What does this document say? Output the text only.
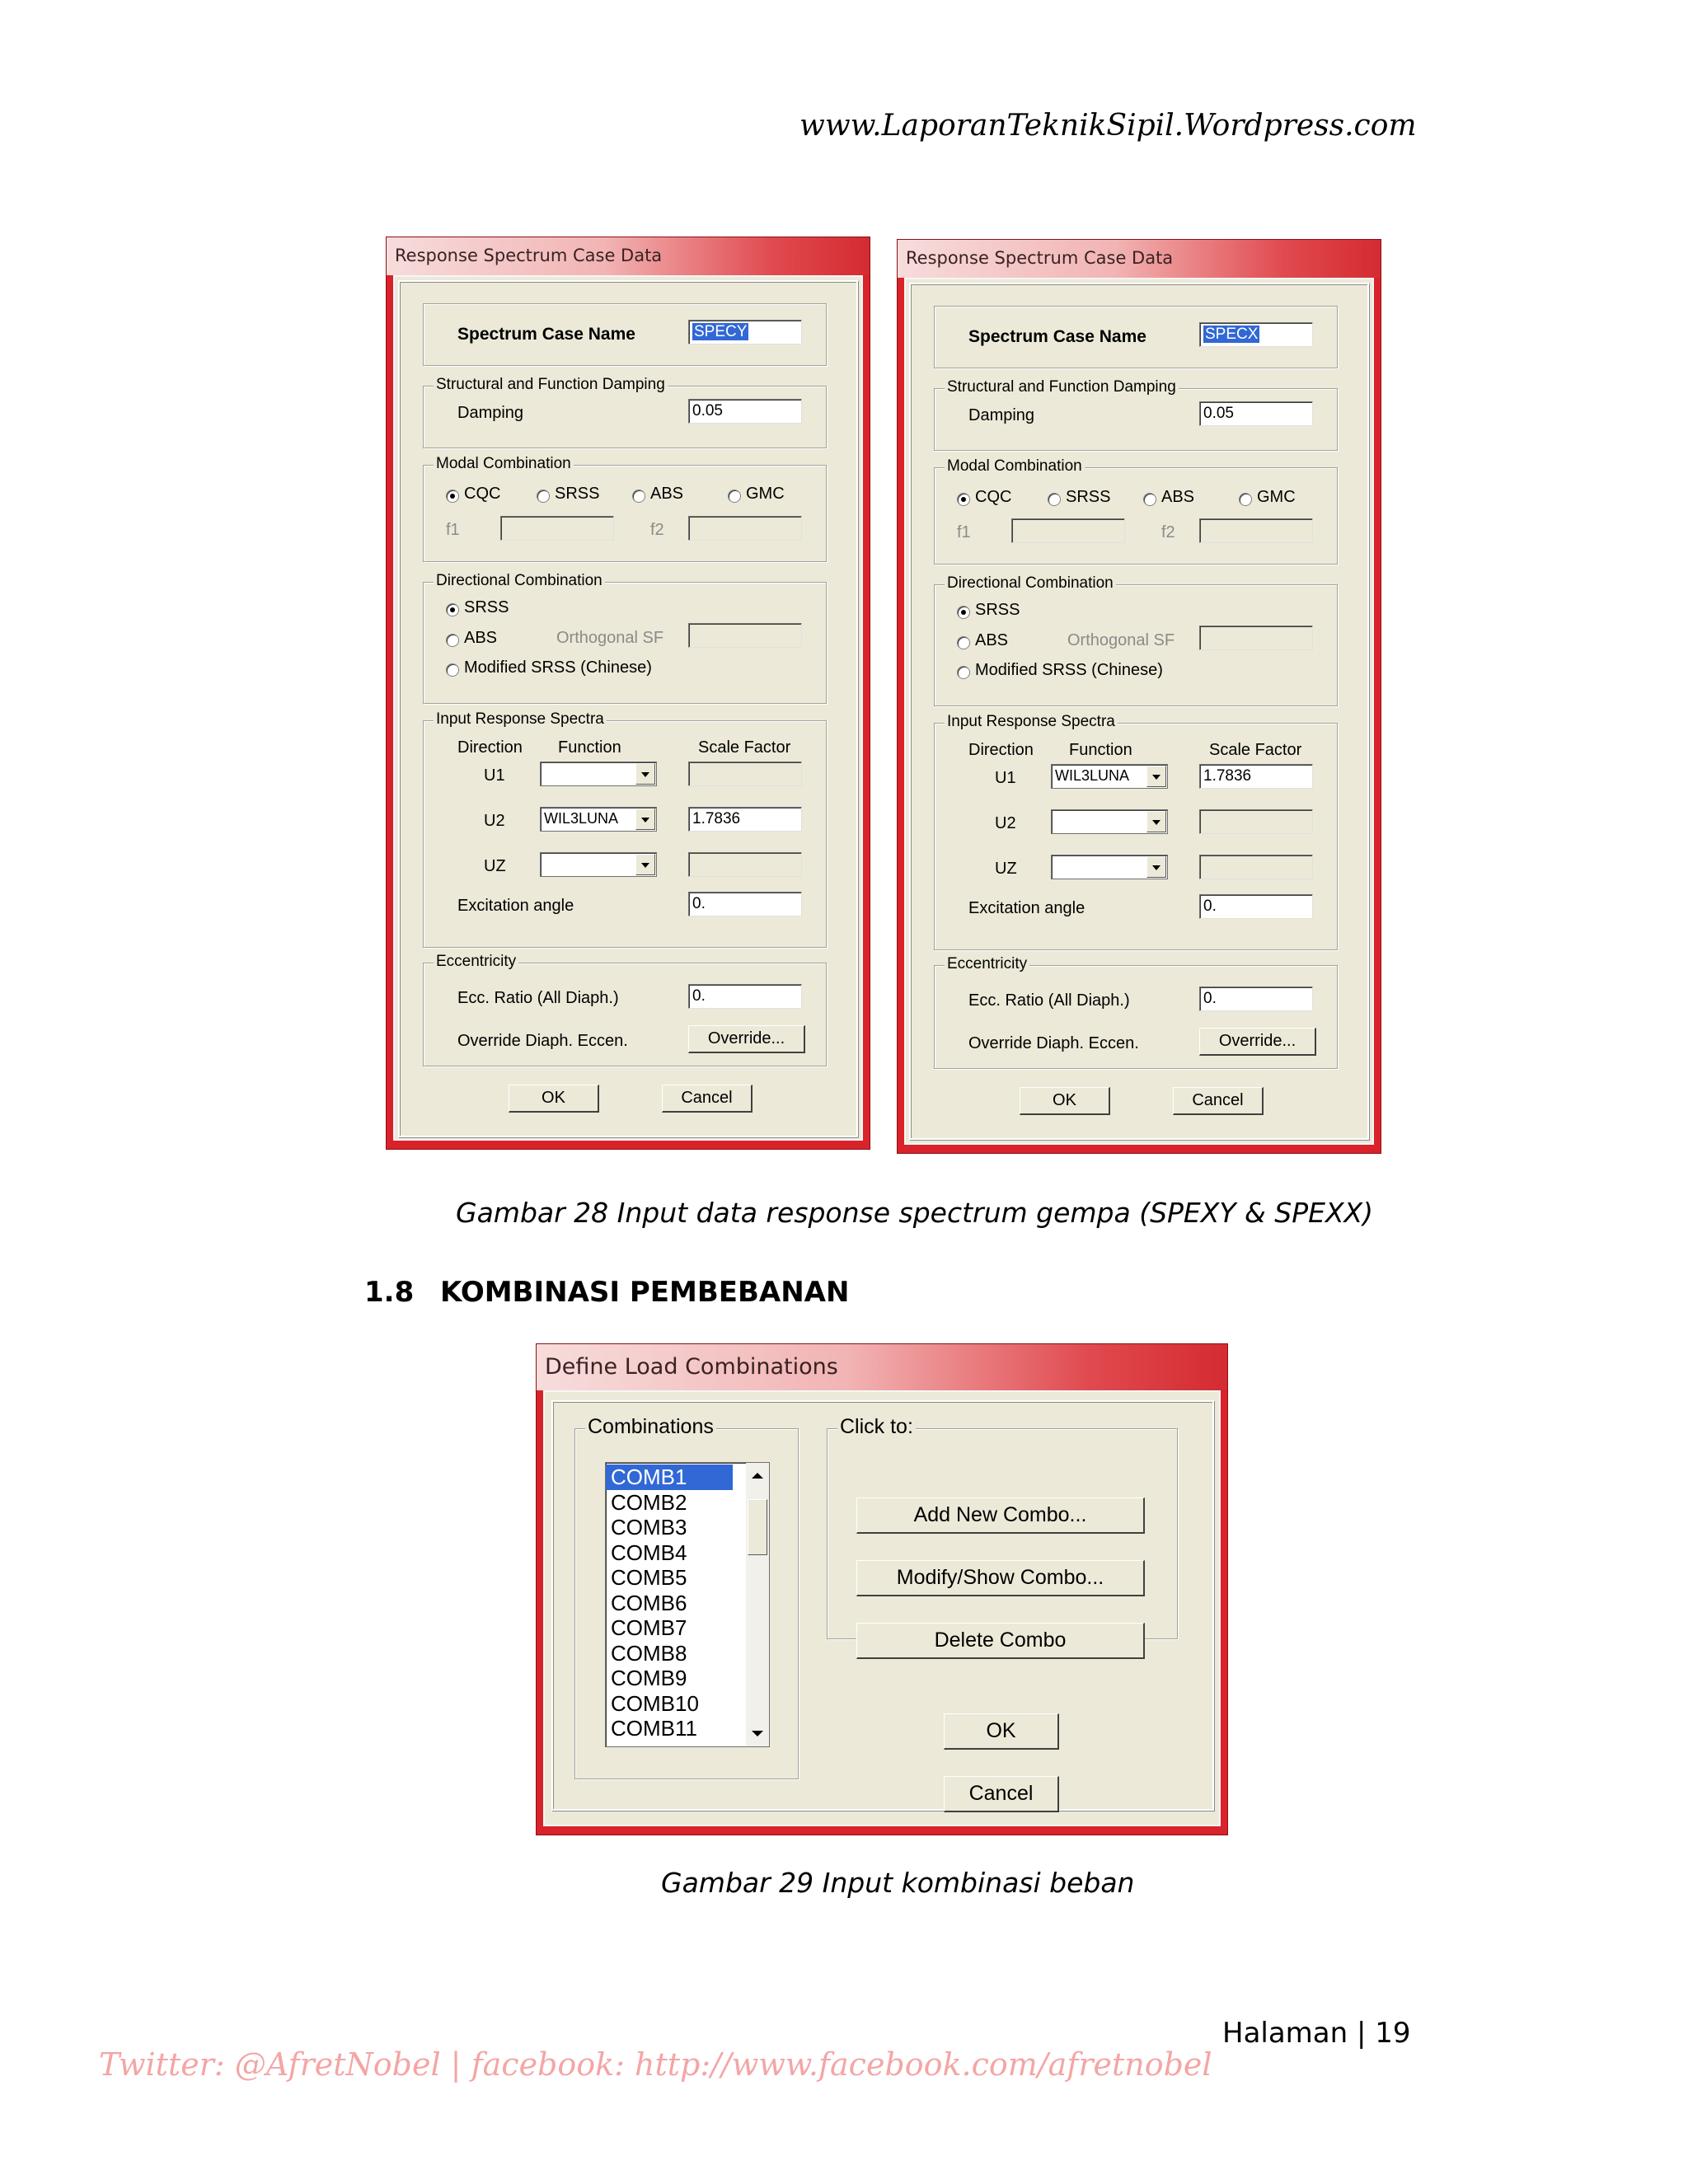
www.LaporanTeknikSipil.Wordpress.com
Response Spectrum Case Data
Spectrum Case Name	SPECY
Structural and Function Damping
Damping	0.05
Modal Combination
CQC	SRSS	ABS	GMC
f1	f2
Directional Combination
SRSS
ABS
Modified SRSS (Chinese)
Orthogonal SF
Input Response Spectra
Direction Function	Scale Factor
U1
U2	WIL3LUNA	1.7836
UZ
Excitation angle	0.
Eccentricity
Ecc. Ratio (All Diaph.)	0.
Override Diaph. Eccen.	Override...
OK	Cancel
Response Spectrum Case Data
Spectrum Case Name	SPECX
Structural and Function Damping
Damping	0.05
Modal Combination
CQC	SRSS	ABS	GMC
f1	f2
Directional Combination
SRSS
ABS
Modified SRSS (Chinese)
Orthogonal SF
Input Response Spectra
Direction Function	Scale Factor
U1	WIL3LUNA	1.7836
U2
UZ
Excitation angle	0.
Eccentricity
Ecc. Ratio (All Diaph.)	0.
Override Diaph. Eccen.	Override...
OK	Cancel
Gambar 28 Input data response spectrum gempa (SPEXY & SPEXX)
1.8 KOMBINASI PEMBEBANAN
Define Load Combinations
Combinations
COMB1
COMB2
COMB3
COMB4
COMB5
COMB6
COMB7
COMB8
COMB9
COMB10
COMB11
Click to:
Add New Combo...
Modify/Show Combo...
Delete Combo
OK
Cancel
Gambar 29 Input kombinasi beban
Halaman | 19
Twitter: @AfretNobel | facebook: http://www.facebook.com/afretnobel
